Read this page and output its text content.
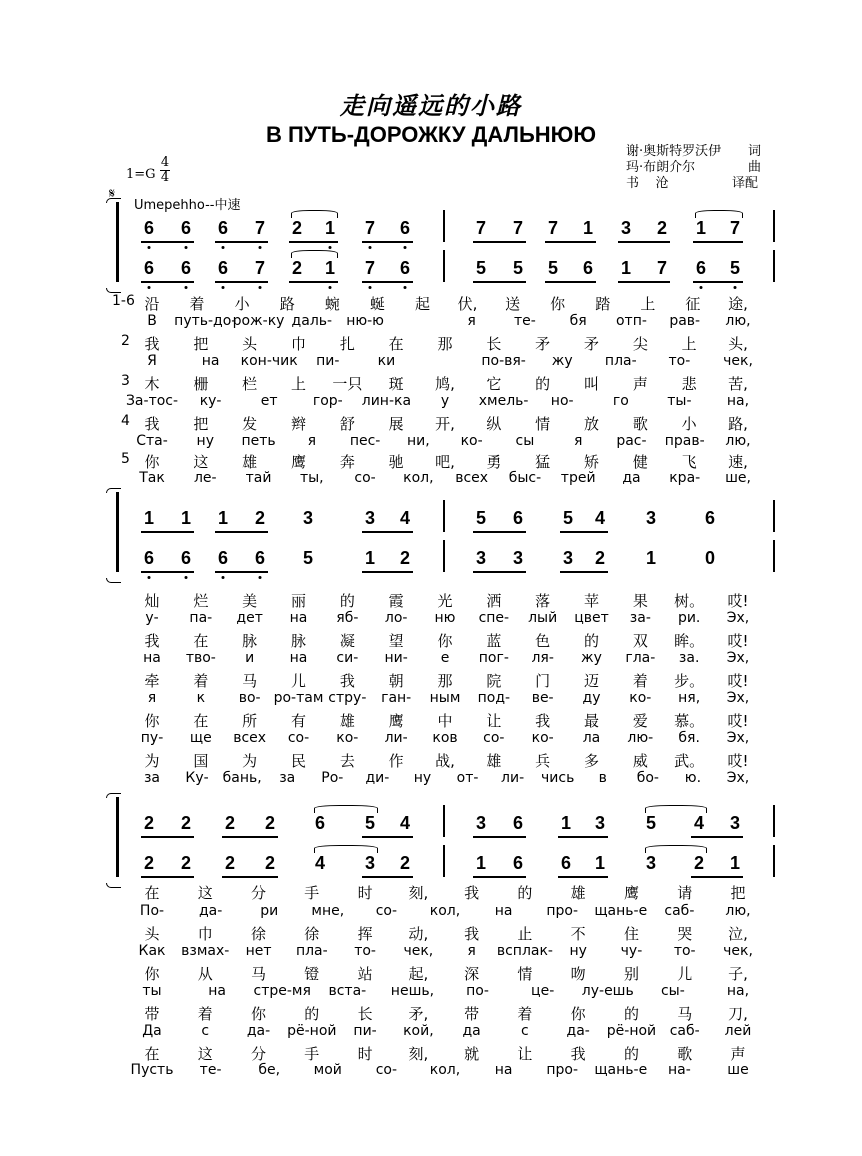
走向遥远的小路
В ПУТЬ-ДОРОЖКУ ДАЛЬНЮЮ
谢·奥斯特罗沃伊 词
玛·布朗介尔	曲
书    沧	译配
1=G
4
4
𝄋
Umepehho--中速
6 6 6 7 2 1 7 6	7 7 7 1 3 2 1 7
6 6 6 7 2 1 7 6	5 5 5 6 1 7 6 5
1-6
2
3
4
5
沿 着 小 路 蜿 蜒 起 伏, 送 你 踏 上 征 途,
В путь-до-
рож-ку даль- ню-ю	я	те- бя отп- рав- лю,
我 把 头 巾 扎 在 那 长 矛 矛 尖 上 头,
Я	на кон-чик пи-	ки	по-вя- жу пла- то- чек,
木 栅 栏 上 一只 斑 鸠, 它 的 叫 声 悲 苦,
За-тос- ку-	ет	гор- лин-ка у хмель- но-	го	ты-	на,
我 把 发 辫 舒 展 开, 纵 情 放 歌 小 路,
Ста- ну петь я пес- ни, ко- сы	я рас- прав- лю,
你 这 雄 鹰 奔 驰 吧, 勇 猛 矫 健 飞 速,
Так ле- тай ты, со- кол, всех быс- трей да кра- ше,
1 1 1 2 3	3 4	5 6 5 4 3	6
6 6 6 6 5	1 2	3 3 3 2 1	0
灿 烂 美 丽 的 霞 光 洒 落 苹 果 树。 哎!
у- па- дет на яб- ло- ню спе- лый цвет за- ри. Эх,
我 在 脉 脉 凝 望 你 蓝 色 的 双 眸。 哎!
на тво- и	на си- ни- е пог- ля- жу гла- за. Эх,
牵 着 马 儿 我 朝 那 院 门 迈 着 步。 哎!
я	к во- ро-там стру- ган- ным под- ве- ду ко- ня, Эх,
你 在 所 有 雄 鹰 中 让 我 最 爱 慕。 哎!
пу- ще всех со- ко- ли- ков со- ко- ла лю- бя. Эх,
为 国 为 民 去 作 战, 雄 兵 多 威 武。 哎!
за Ку- бань, за Ро- ди- ну от- ли- чись в бо- ю. Эх,
2 2 2 2 6 5 4	3 6 1 3 5 4 3
2 2 2 2 4 3 2	1 6 6 1 3 2 1
在	这	分	手	时 刻, 我	的	雄	鹰	请	把
По- да-	ри мне, со- кол, на про- щань-е саб- лю,
头	巾	徐	徐	挥 动, 我	止	不	住	哭 泣,
Как взмах- нет пла- то- чек, я всплак- ну чу- то- чек,
你	从	马	镫	站 起, 深	情	吻	别	儿 子,
ты	на стре-мя вста- нешь, по-	це- лу-ешь сы-	на,
带	着	你	的	长 矛, 带	着	你	的	马 刀,
Да	с	да- рё-ной пи- кой, да	с	да- рё-ной саб- лей
在	这	分	手	时 刻, 就	让	我	的	歌	声
Пусть те-	бе, мой со- кол, на про- щань-е на-	ше
